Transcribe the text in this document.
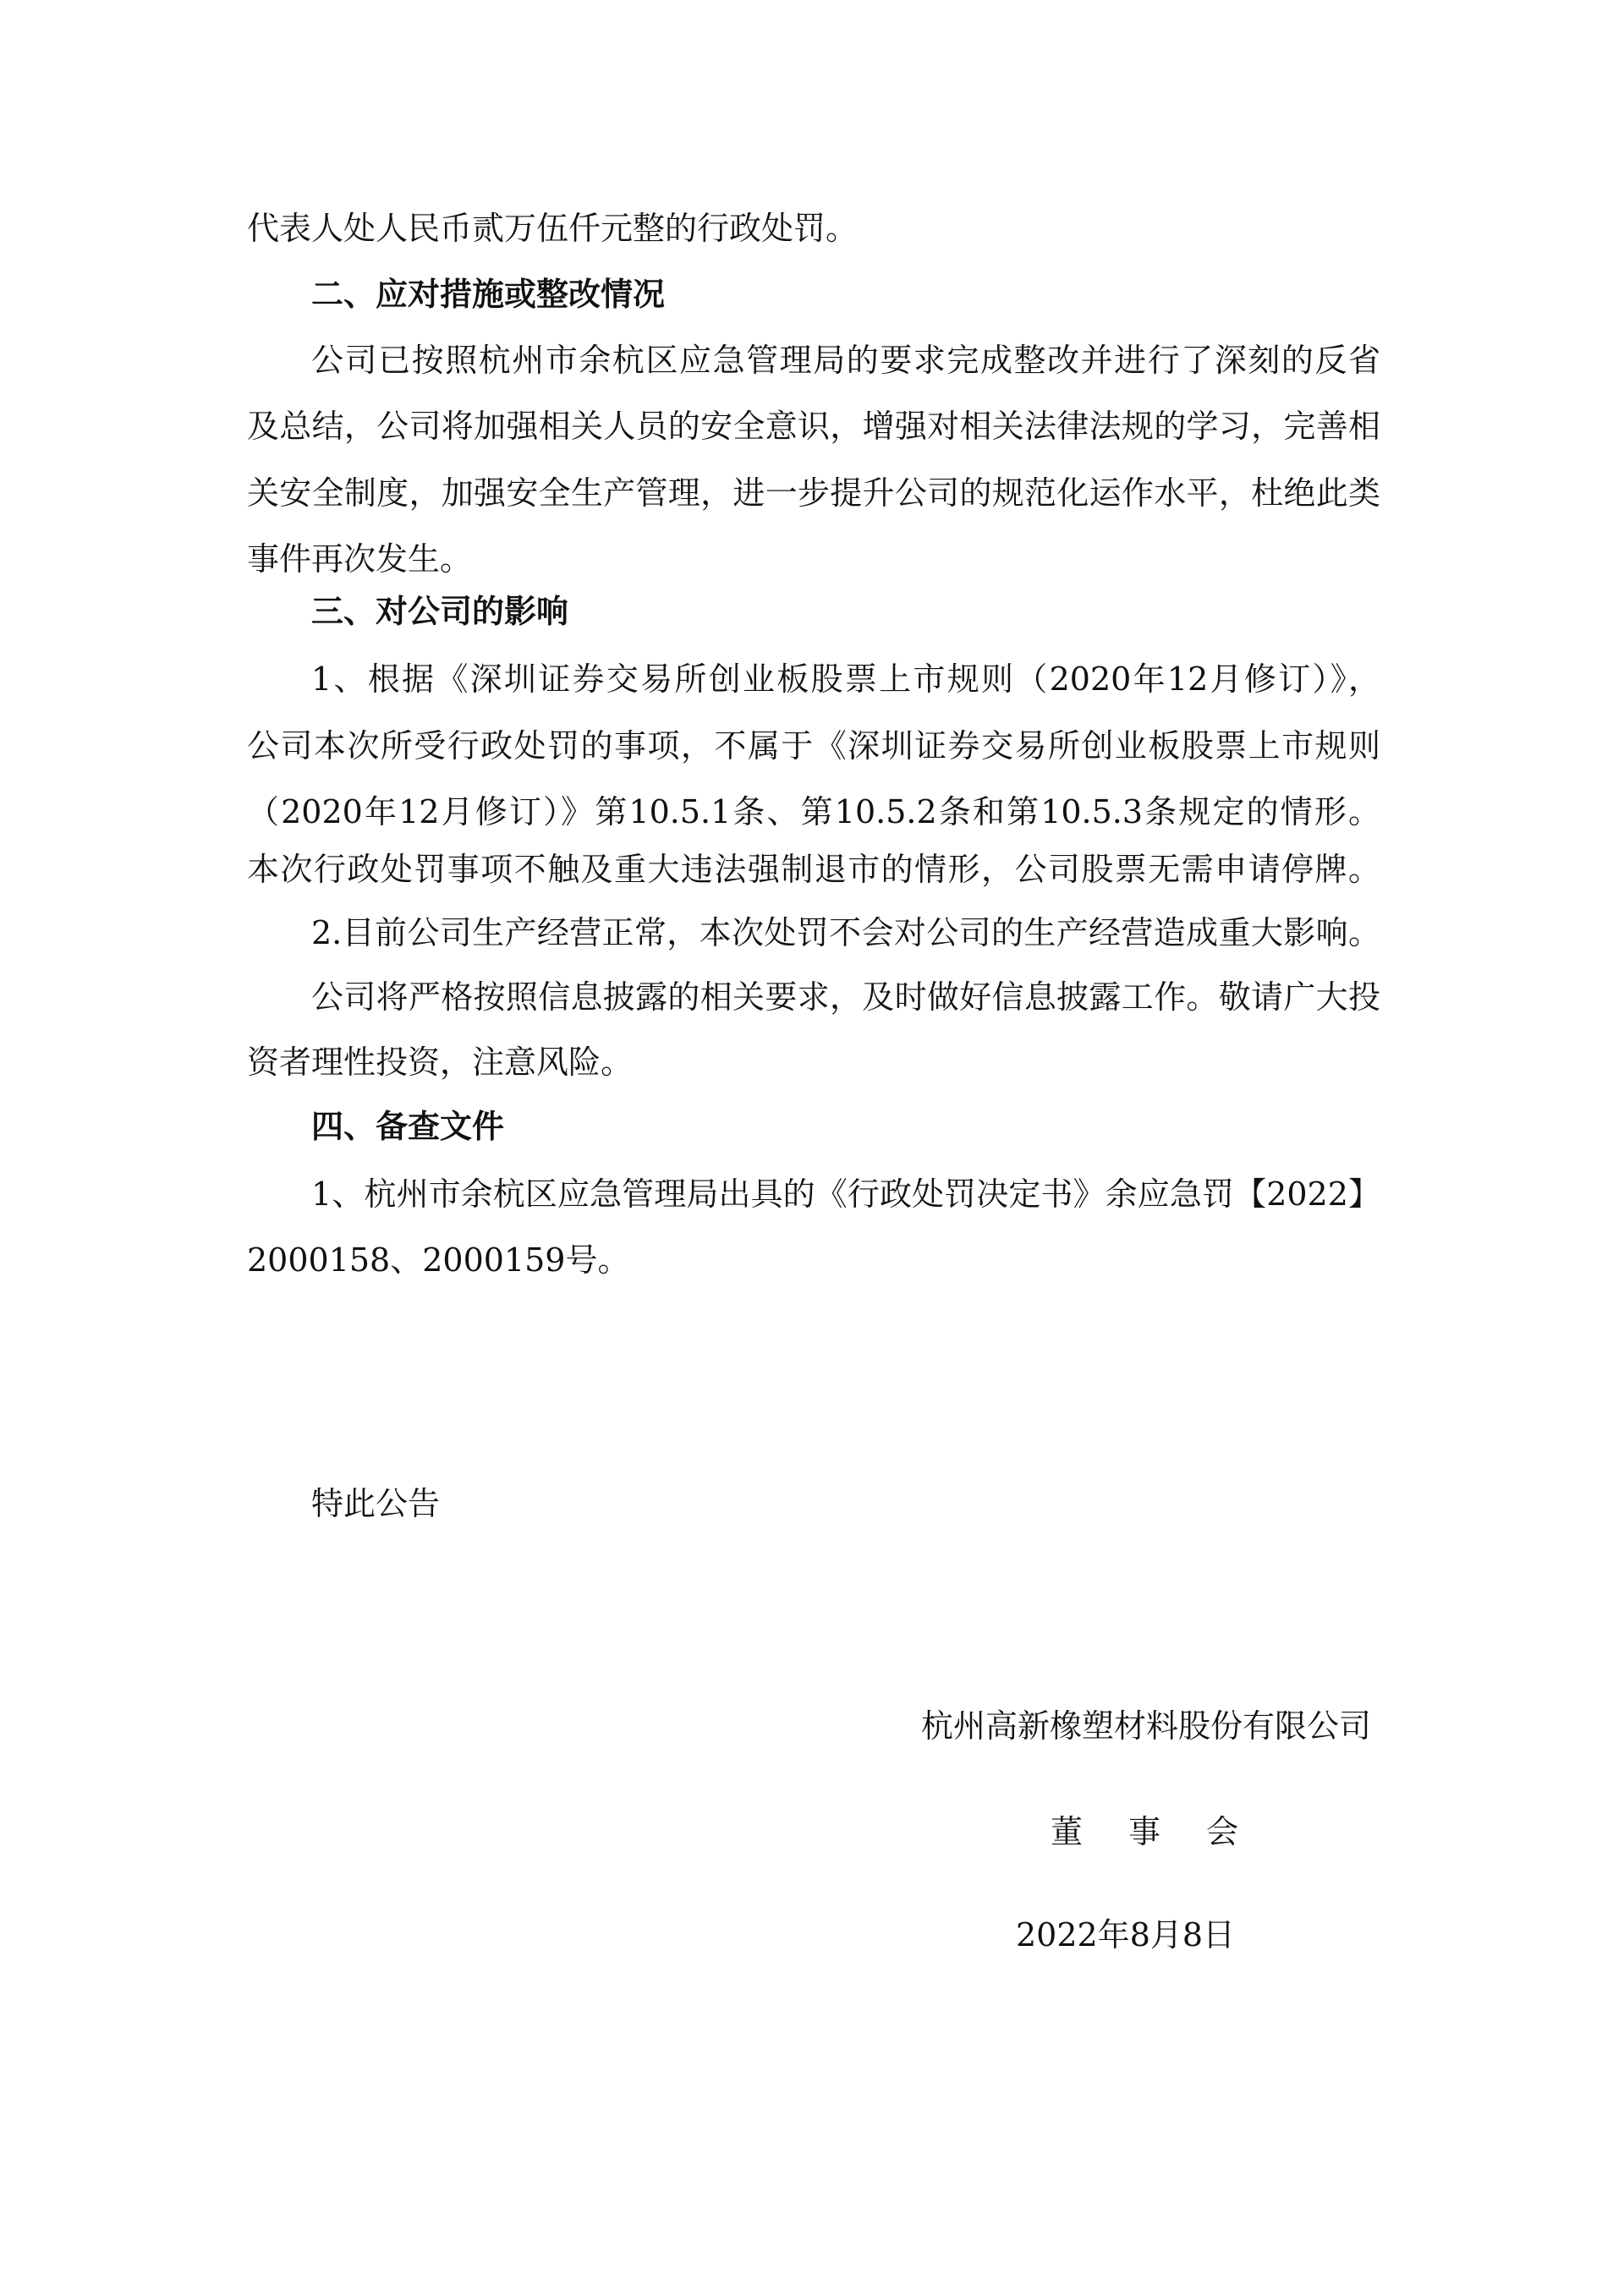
代表人处人民币贰万伍仟元整的行政处罚。
二、应对措施或整改情况
公司已按照杭州市余杭区应急管理局的要求完成整改并进行了深刻的反省
及总结，公司将加强相关人员的安全意识，增强对相关法律法规的学习，完善相
关安全制度，加强安全生产管理，进一步提升公司的规范化运作水平，杜绝此类
事件再次发生。
三、对公司的影响
1、根据《深圳证券交易所创业板股票上市规则（2020年12月修订）》，
公司本次所受行政处罚的事项，不属于《深圳证券交易所创业板股票上市规则
（2020年12月修订）》第10.5.1条、第10.5.2条和第10.5.3条规定的情形。
本次行政处罚事项不触及重大违法强制退市的情形，公司股票无需申请停牌。
2.目前公司生产经营正常，本次处罚不会对公司的生产经营造成重大影响。
公司将严格按照信息披露的相关要求，及时做好信息披露工作。敬请广大投
资者理性投资，注意风险。
四、备查文件
1、杭州市余杭区应急管理局出具的《行政处罚决定书》余应急罚【2022】
2000158、2000159号。
特此公告
杭州高新橡塑材料股份有限公司
董　事　会
2022年8月8日
